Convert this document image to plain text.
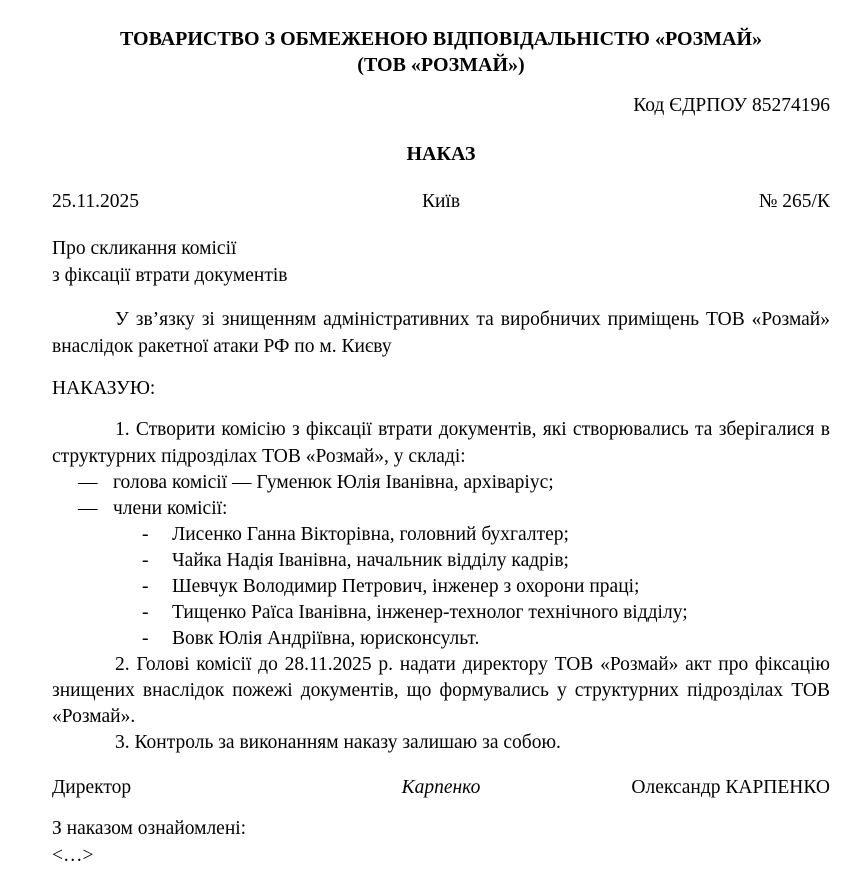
ТОВАРИСТВО З ОБМЕЖЕНОЮ ВІДПОВІДАЛЬНІСТЮ «РОЗМАЙ»
(ТОВ «РОЗМАЙ»)
Код ЄДРПОУ 85274196
НАКАЗ
25.11.2025	Київ	№ 265/К
Про скликання комісії
з фіксації втрати документів
У зв’язку зі знищенням адміністративних та виробничих приміщень ТОВ «Розмай» внаслідок ракетної атаки РФ по м. Києву
НАКАЗУЮ:
1. Створити комісію з фіксації втрати документів, які створювались та зберігалися в структурних підрозділах ТОВ «Розмай», у складі:
— голова комісії — Гуменюк Юлія Іванівна, архіваріус;
— члени комісії:
-	Лисенко Ганна Вікторівна, головний бухгалтер;
-	Чайка Надія Іванівна, начальник відділу кадрів;
-	Шевчук Володимир Петрович, інженер з охорони праці;
-	Тищенко Раїса Іванівна, інженер-технолог технічного відділу;
-	Вовк Юлія Андріївна, юрисконсульт.
2. Голові комісії до 28.11.2025 р. надати директору ТОВ «Розмай» акт про фіксацію знищених внаслідок пожежі документів, що формувались у структурних підрозділах ТОВ «Розмай».
3. Контроль за виконанням наказу залишаю за собою.
Директор	Карпенко	Олександр КАРПЕНКО
З наказом ознайомлені:
<…>
